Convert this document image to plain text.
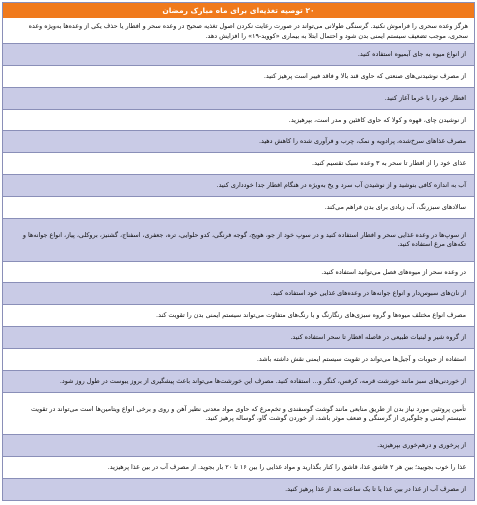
۲۰ توصیه تغذیه‌ای برای ماه مبارک رمضان
هرگز وعده سحری را فراموش نکنید. گرسنگی طولانی می‌تواند در صورت رعایت نکردن اصول تغذیه صحیح در وعده سحر و افطار یا حذف یکی از وعده‌ها به‌ویژه وعده سحری، موجب تضعیف سیستم ایمنی بدن شود و احتمال ابتلا به بیماری «کووید-۱۹» را افزایش دهد.
از انواع میوه به جای آبمیوه استفاده کنید.
از مصرف نوشیدنی‌های صنعتی که حاوی قند بالا و فاقد فیبر است پرهیز کنید.
افطار خود را با خرما آغاز کنید.
از نوشیدن چای، قهوه و کولا که حاوی کافئین و مدر است، بپرهیزید.
مصرف غذاهای سرخ‌شده، پرادویه و نمک، چرب و فرآوری شده را کاهش دهید.
غذای خود را از افطار تا سحر به ۳ وعده سبک تقسیم کنید.
آب به اندازه کافی بنوشید و از نوشیدن آب سرد و یخ به‌ویژه در هنگام افطار جدا خودداری کنید.
سالادهای سبزرنگ، آب زیادی برای بدن فراهم می‌کند.
از سوپ‌ها در وعده غذایی سحر و افطار استفاده کنید و در سوپ خود از جو، هویج، گوجه فرنگی، کدو حلوایی، تره، جعفری، اسفناج، گشنیز، بروکلی، پیاز، انواع جوانه‌ها و تکه‌های مرغ استفاده کنید.
در وعده سحر از میوه‌های فصل می‌توانید استفاده کنید.
از نان‌های سبوس‌دار و انواع جوانه‌ها در وعده‌های غذایی خود استفاده کنید.
مصرف انواع مختلف میوه‌ها و گروه سبزی‌های رنگارنگ و با رنگ‌های متفاوت می‌تواند سیستم ایمنی بدن را تقویت کند.
از گروه شیر و لبنیات طبیعی در فاصله افطار تا سحر استفاده کنید.
استفاده از حبوبات و آجیل‌ها می‌تواند در تقویت سیستم ایمنی نقش داشته باشد.
از خوردنی‌های سبز مانند خورشت قرمه، کرفس، کنگر و... استفاده کنید. مصرف این خورشت‌ها می‌تواند باعث پیشگیری از بروز یبوست در طول روز شود.
تأمین پروتئین مورد نیاز بدن از طریق منابعی مانند گوشت گوسفندی و تخم‌مرغ که حاوی مواد معدنی نظیر آهن و روی و برخی انواع ویتامین‌ها است می‌تواند در تقویت سیستم ایمنی و جلوگیری از گرسنگی و ضعف موثر باشد، از خوردن گوشت گاو، گوساله پرهیز کنید.
از پرخوری و درهم‌خوری بپرهیزید.
غذا را خوب بجویید؛ بین هر ۲ قاشق غذا، قاشق را کنار بگذارید و مواد غذایی را بین ۱۶ تا ۲۰ بار بجوید. از مصرف آب در بین غذا پرهیزید.
از مصرف آب از غذا در بین غذا یا تا یک ساعت بعد از غذا پرهیز کنید.
